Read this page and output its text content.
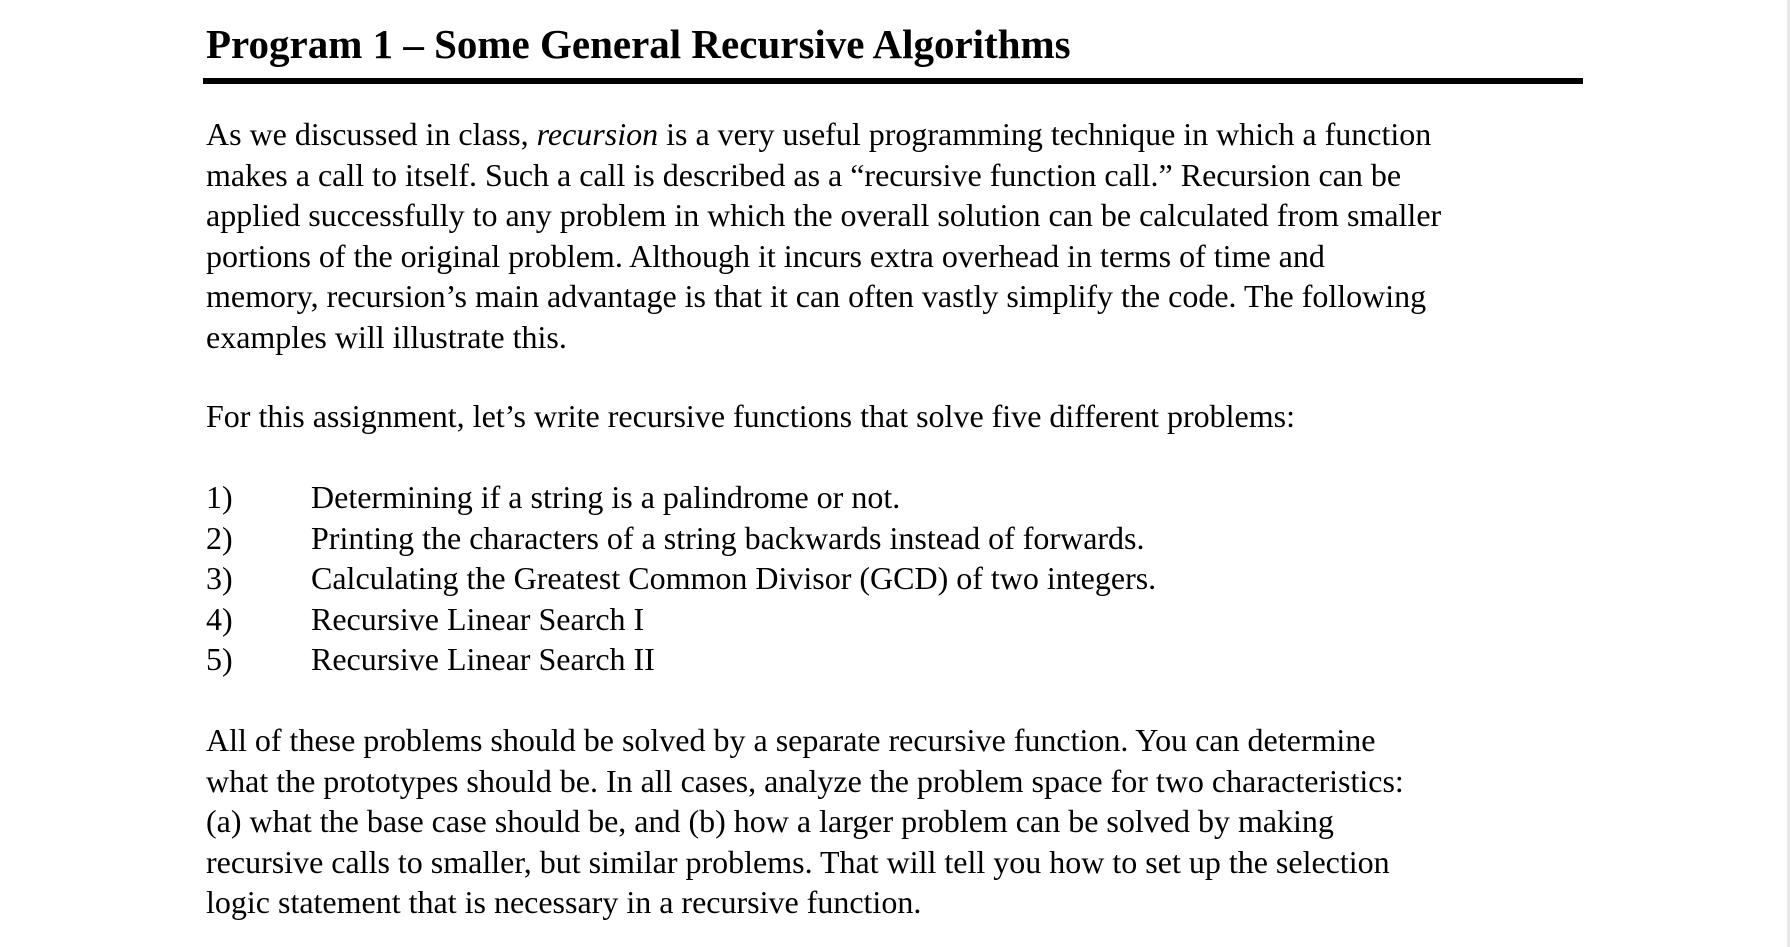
Program 1 – Some General Recursive Algorithms

As we discussed in class, recursion is a very useful programming technique in which a function
makes a call to itself. Such a call is described as a “recursive function call.” Recursion can be
applied successfully to any problem in which the overall solution can be calculated from smaller
portions of the original problem. Although it incurs extra overhead in terms of time and
memory, recursion’s main advantage is that it can often vastly simplify the code. The following
examples will illustrate this.

For this assignment, let’s write recursive functions that solve five different problems:

1)	Determining if a string is a palindrome or not.
2)	Printing the characters of a string backwards instead of forwards.
3)	Calculating the Greatest Common Divisor (GCD) of two integers.
4)	Recursive Linear Search I
5)	Recursive Linear Search II

All of these problems should be solved by a separate recursive function. You can determine
what the prototypes should be. In all cases, analyze the problem space for two characteristics:
(a) what the base case should be, and (b) how a larger problem can be solved by making
recursive calls to smaller, but similar problems. That will tell you how to set up the selection
logic statement that is necessary in a recursive function.
